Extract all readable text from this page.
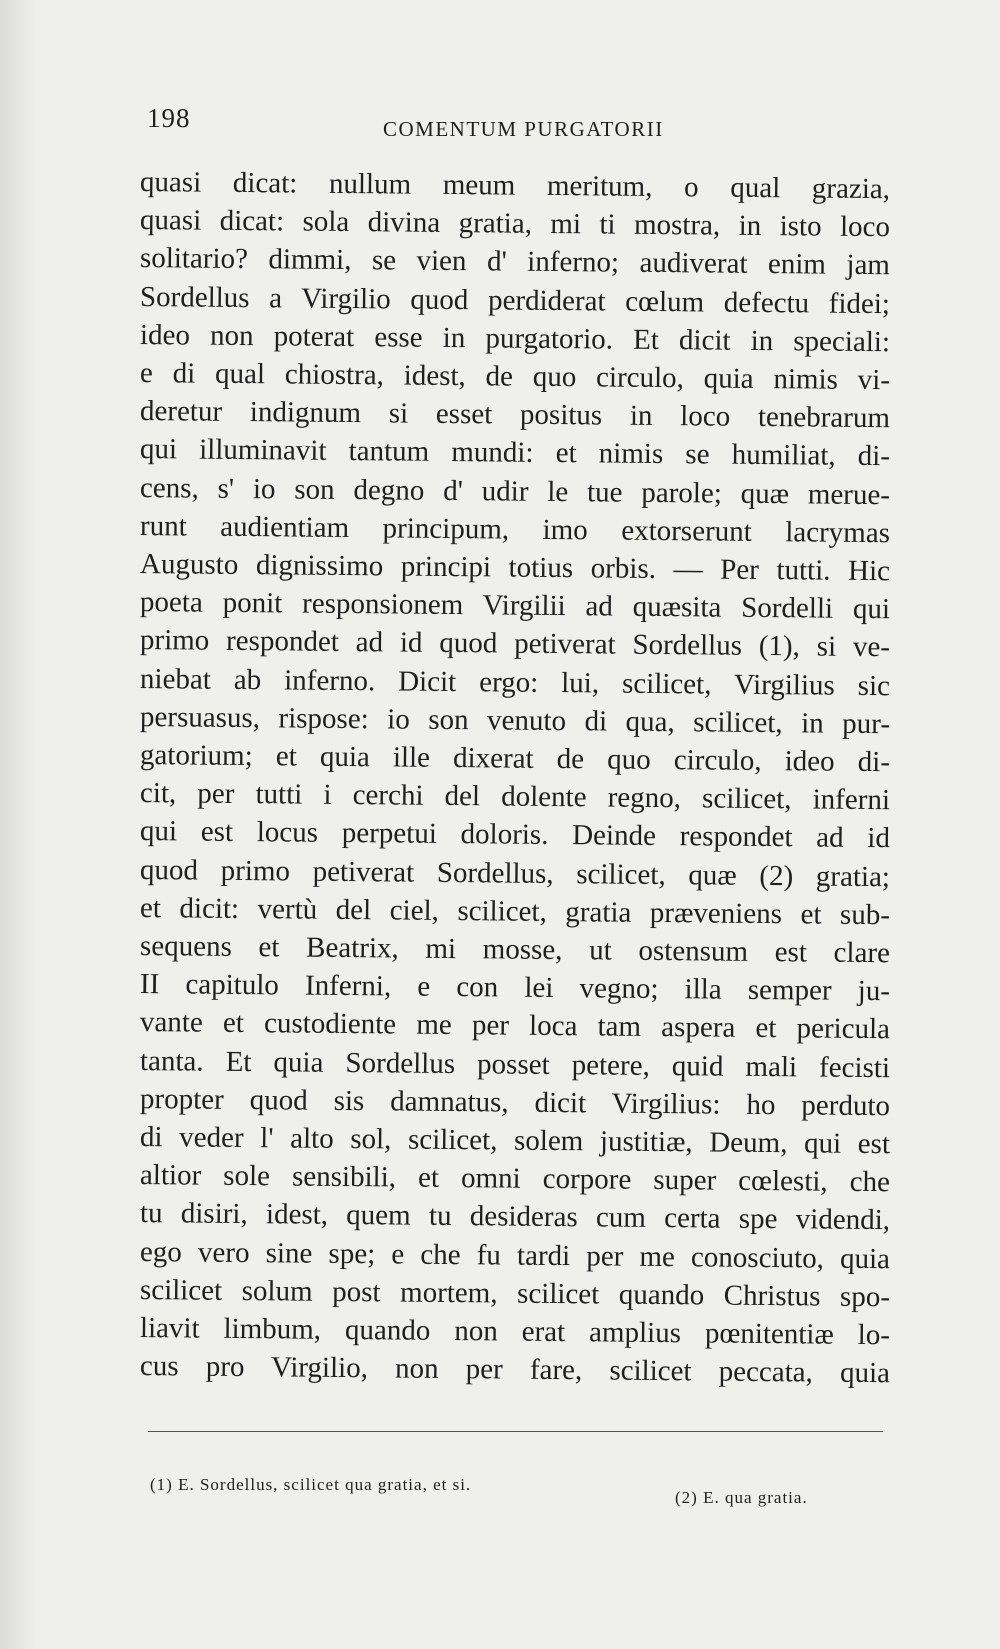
198	COMENTUM PURGATORII
quasi dicat: nullum meum meritum, o qual grazia,
quasi dicat: sola divina gratia, mi ti mostra, in isto loco
solitario? dimmi, se vien d' inferno; audiverat enim jam
Sordellus a Virgilio quod perdiderat cœlum defectu fidei;
ideo non poterat esse in purgatorio. Et dicit in speciali:
e di qual chiostra, idest, de quo circulo, quia nimis vi-
deretur indignum si esset positus in loco tenebrarum
qui illuminavit tantum mundi: et nimis se humiliat, di-
cens, s' io son degno d' udir le tue parole; quæ merue-
runt audientiam principum, imo extorserunt lacrymas
Augusto dignissimo principi totius orbis. — Per tutti. Hic
poeta ponit responsionem Virgilii ad quæsita Sordelli qui
primo respondet ad id quod petiverat Sordellus (1), si ve-
niebat ab inferno. Dicit ergo: lui, scilicet, Virgilius sic
persuasus, rispose: io son venuto di qua, scilicet, in pur-
gatorium; et quia ille dixerat de quo circulo, ideo di-
cit, per tutti i cerchi del dolente regno, scilicet, inferni
qui est locus perpetui doloris. Deinde respondet ad id
quod primo petiverat Sordellus, scilicet, quæ (2) gratia;
et dicit: vertù del ciel, scilicet, gratia præveniens et sub-
sequens et Beatrix, mi mosse, ut ostensum est clare
II capitulo Inferni, e con lei vegno; illa semper ju-
vante et custodiente me per loca tam aspera et pericula
tanta. Et quia Sordellus posset petere, quid mali fecisti
propter quod sis damnatus, dicit Virgilius: ho perduto
di veder l' alto sol, scilicet, solem justitiæ, Deum, qui est
altior sole sensibili, et omni corpore super cœlesti, che
tu disiri, idest, quem tu desideras cum certa spe videndi,
ego vero sine spe; e che fu tardi per me conosciuto, quia
scilicet solum post mortem, scilicet quando Christus spo-
liavit limbum, quando non erat amplius pœnitentiæ lo-
cus pro Virgilio, non per fare, scilicet peccata, quia
(1) E. Sordellus, scilicet qua gratia, et si.
(2) E. qua gratia.
